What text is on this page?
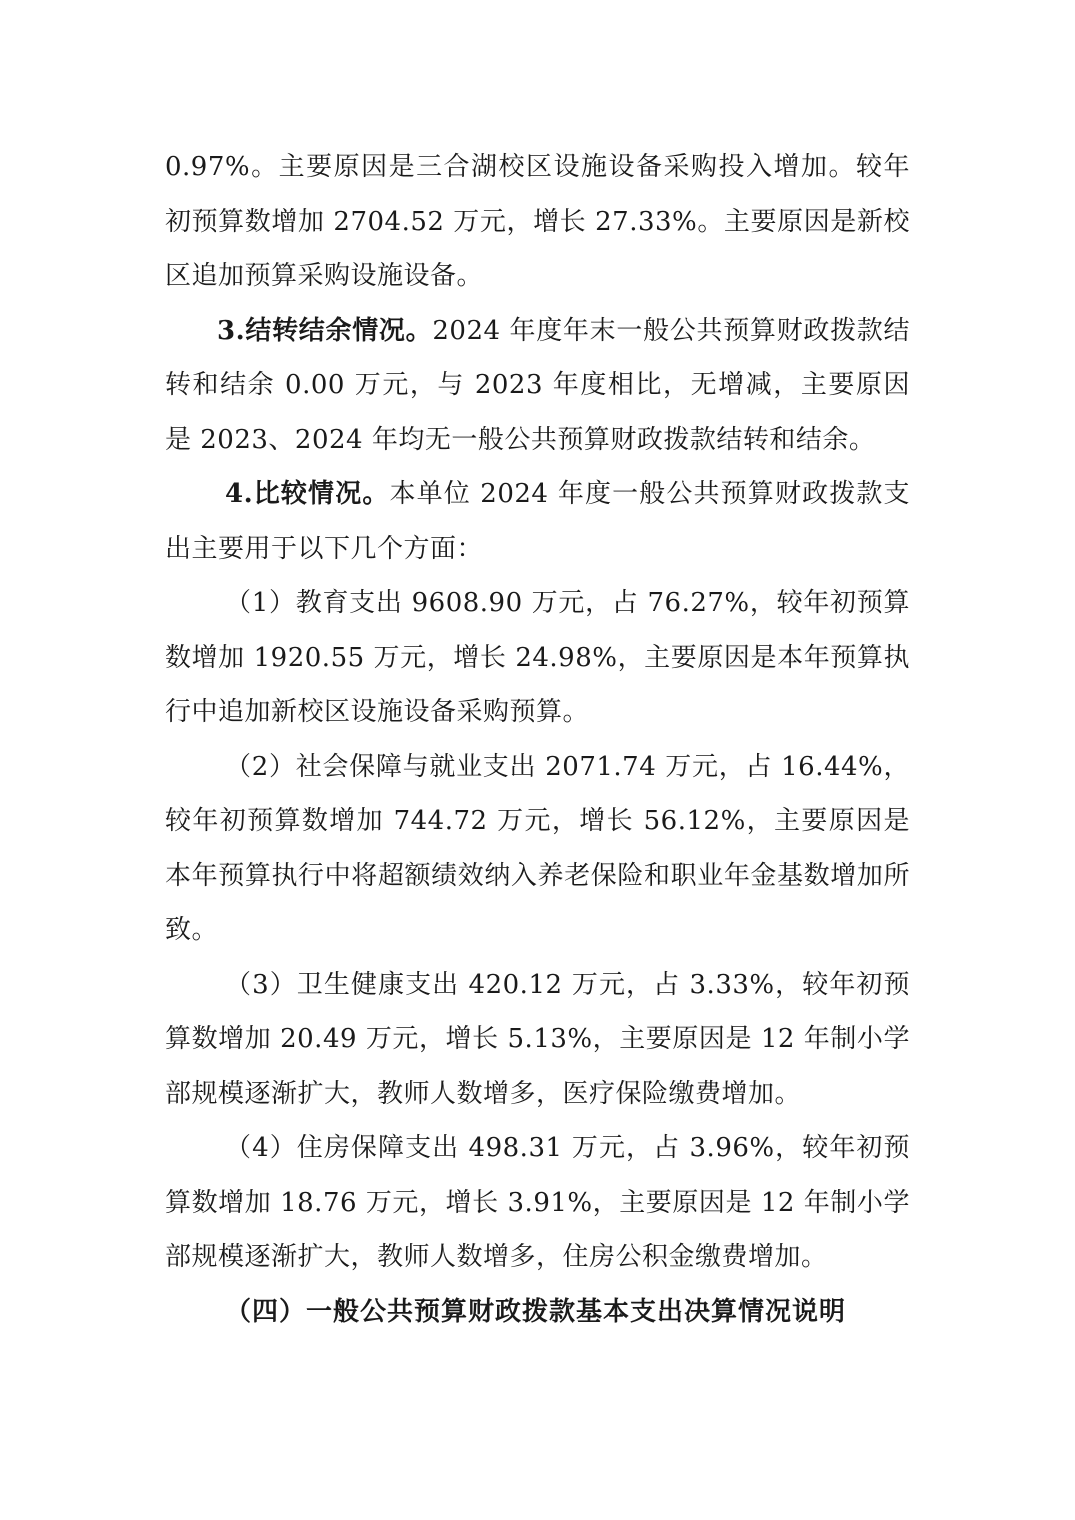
0.97%。主要原因是三合湖校区设施设备采购投入增加。较年初预算数增加 2704.52 万元，增长 27.33%。主要原因是新校区追加预算采购设施设备。

3.结转结余情况。2024 年度年末一般公共预算财政拨款结转和结余 0.00 万元，与 2023 年度相比，无增减，主要原因是 2023、2024 年均无一般公共预算财政拨款结转和结余。

4.比较情况。本单位 2024 年度一般公共预算财政拨款支出主要用于以下几个方面：

（1）教育支出 9608.90 万元，占 76.27%，较年初预算数增加 1920.55 万元，增长 24.98%，主要原因是本年预算执行中追加新校区设施设备采购预算。

（2）社会保障与就业支出 2071.74 万元，占 16.44%，较年初预算数增加 744.72 万元，增长 56.12%，主要原因是本年预算执行中将超额绩效纳入养老保险和职业年金基数增加所致。

（3）卫生健康支出 420.12 万元，占 3.33%，较年初预算数增加 20.49 万元，增长 5.13%，主要原因是 12 年制小学部规模逐渐扩大，教师人数增多，医疗保险缴费增加。

（4）住房保障支出 498.31 万元，占 3.96%，较年初预算数增加 18.76 万元，增长 3.91%，主要原因是 12 年制小学部规模逐渐扩大，教师人数增多，住房公积金缴费增加。

（四）一般公共预算财政拨款基本支出决算情况说明
